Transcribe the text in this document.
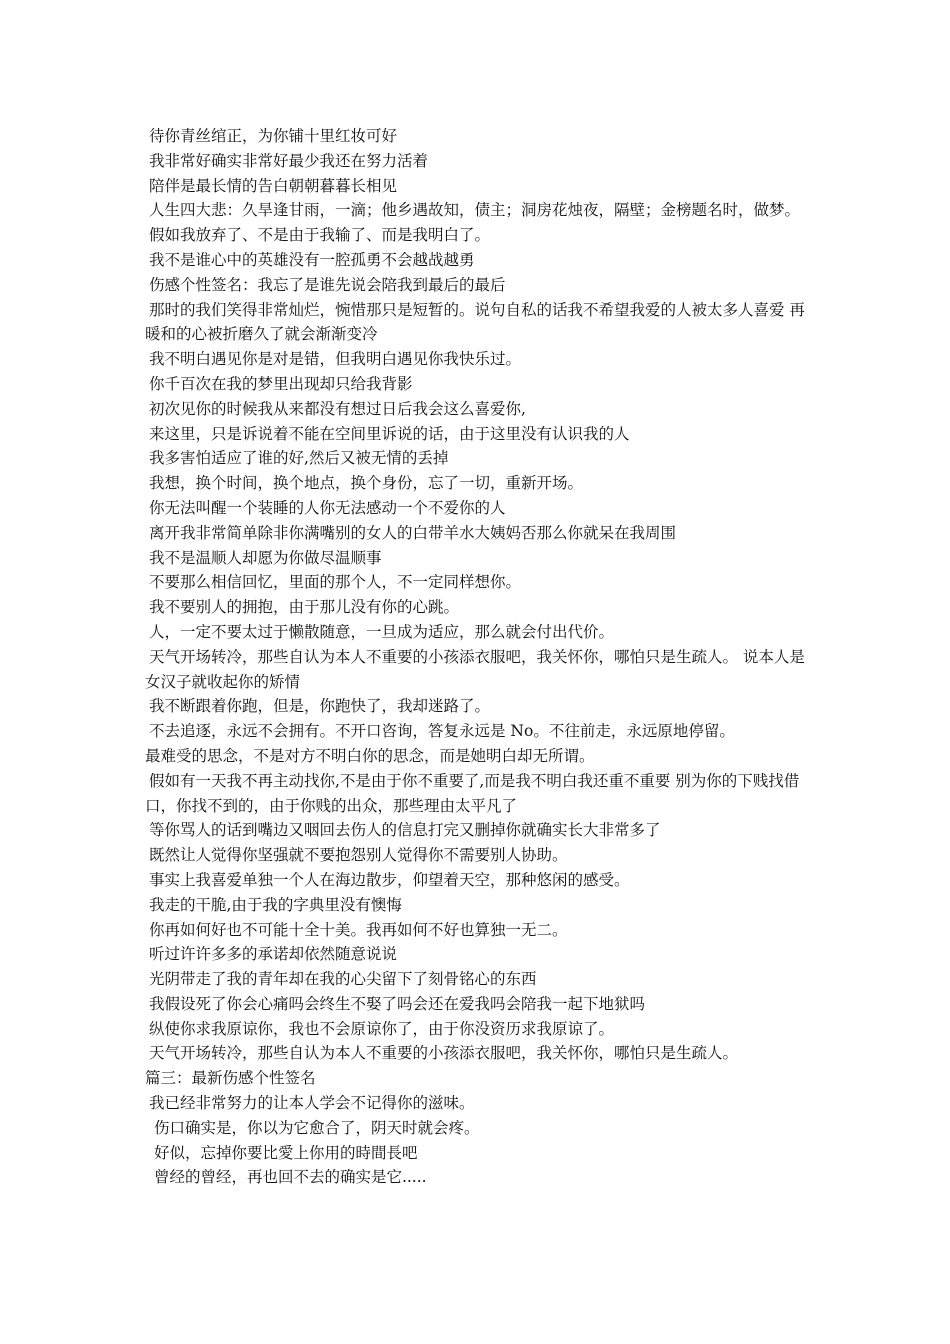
待你青丝绾正，为你铺十里红妆可好

我非常好确实非常好最少我还在努力活着

陪伴是最长情的告白朝朝暮暮长相见

人生四大悲：久旱逢甘雨，一滴；他乡遇故知，债主；洞房花烛夜，隔壁；金榜题名时，做梦。

假如我放弃了、不是由于我输了、而是我明白了。

我不是谁心中的英雄没有一腔孤勇不会越战越勇

伤感个性签名：我忘了是谁先说会陪我到最后的最后

那时的我们笑得非常灿烂，惋惜那只是短暂的。说句自私的话我不希望我爱的人被太多人喜爱 再暖和的心被折磨久了就会渐渐变冷

我不明白遇见你是对是错，但我明白遇见你我快乐过。

你千百次在我的梦里出现却只给我背影

初次见你的时候我从来都没有想过日后我会这么喜爱你,

来这里，只是诉说着不能在空间里诉说的话，由于这里没有认识我的人

我多害怕适应了谁的好,然后又被无情的丢掉

我想，换个时间，换个地点，换个身份，忘了一切，重新开场。

你无法叫醒一个装睡的人你无法感动一个不爱你的人

离开我非常简单除非你满嘴别的女人的白带羊水大姨妈否那么你就呆在我周围

我不是温顺人却愿为你做尽温顺事

不要那么相信回忆，里面的那个人，不一定同样想你。

我不要别人的拥抱，由于那儿没有你的心跳。

人，一定不要太过于懒散随意，一旦成为适应，那么就会付出代价。

天气开场转冷，那些自认为本人不重要的小孩添衣服吧，我关怀你，哪怕只是生疏人。 说本人是女汉子就收起你的矫情

我不断跟着你跑，但是，你跑快了，我却迷路了。

不去追逐，永远不会拥有。不开口咨询，答复永远是 No。不往前走，永远原地停留。

最难受的思念，不是对方不明白你的思念，而是她明白却无所谓。

假如有一天我不再主动找你,不是由于你不重要了,而是我不明白我还重不重要 别为你的下贱找借口，你找不到的，由于你贱的出众，那些理由太平凡了

等你骂人的话到嘴边又咽回去伤人的信息打完又删掉你就确实长大非常多了

既然让人觉得你坚强就不要抱怨别人觉得你不需要别人协助。

事实上我喜爱单独一个人在海边散步，仰望着天空，那种悠闲的感受。

我走的干脆,由于我的字典里没有懊悔

你再如何好也不可能十全十美。我再如何不好也算独一无二。

听过许许多多的承诺却依然随意说说

光阴带走了我的青年却在我的心尖留下了刻骨铭心的东西

我假设死了你会心痛吗会终生不娶了吗会还在爱我吗会陪我一起下地狱吗

纵使你求我原谅你，我也不会原谅你了，由于你没资历求我原谅了。

天气开场转冷，那些自认为本人不重要的小孩添衣服吧，我关怀你，哪怕只是生疏人。

篇三：最新伤感个性签名

我已经非常努力的让本人学会不记得你的滋味。

伤口确实是，你以为它愈合了，阴天时就会疼。

好似，忘掉你要比愛上你用的時間長吧

曾经的曾经，再也回不去的确实是它.....
